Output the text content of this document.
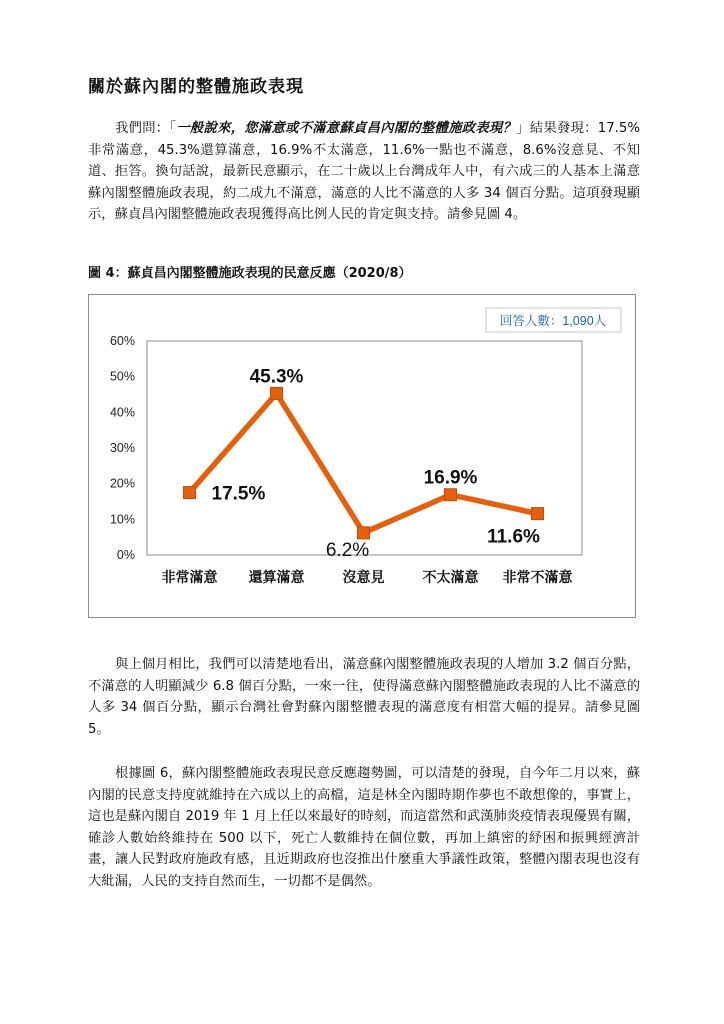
關於蘇內閣的整體施政表現

我們問：「一般說來，您滿意或不滿意蘇貞昌內閣的整體施政表現？」結果發現：17.5%非常滿意，45.3%還算滿意，16.9%不太滿意，11.6%一點也不滿意，8.6%沒意見、不知道、拒答。換句話說，最新民意顯示，在二十歲以上台灣成年人中，有六成三的人基本上滿意蘇內閣整體施政表現，約二成九不滿意，滿意的人比不滿意的人多 34 個百分點。這項發現顯示，蘇貞昌內閣整體施政表現獲得高比例人民的肯定與支持。請參見圖 4。

圖 4：蘇貞昌內閣整體施政表現的民意反應（2020/8）

回答人數：1,090人
0%
10%
20%
30%
40%
50%
60%
非常滿意 還算滿意	沒意見	不太滿意 非常不滿意
17.5%
45.3%
6.2%
16.9%
11.6%

與上個月相比，我們可以清楚地看出，滿意蘇內閣整體施政表現的人增加 3.2 個百分點，不滿意的人明顯減少 6.8 個百分點，一來一往，使得滿意蘇內閣整體施政表現的人比不滿意的人多 34 個百分點，顯示台灣社會對蘇內閣整體表現的滿意度有相當大幅的提昇。請參見圖 5。

根據圖 6，蘇內閣整體施政表現民意反應趨勢圖，可以清楚的發現，自今年二月以來，蘇內閣的民意支持度就維持在六成以上的高檔，這是林全內閣時期作夢也不敢想像的，事實上，這也是蘇內閣自 2019 年 1 月上任以來最好的時刻，而這當然和武漢肺炎疫情表現優異有關，確診人數始終維持在 500 以下，死亡人數維持在個位數，再加上縝密的紓困和振興經濟計畫，讓人民對政府施政有感，且近期政府也沒推出什麼重大爭議性政策，整體內閣表現也沒有大紕漏，人民的支持自然而生，一切都不是偶然。
